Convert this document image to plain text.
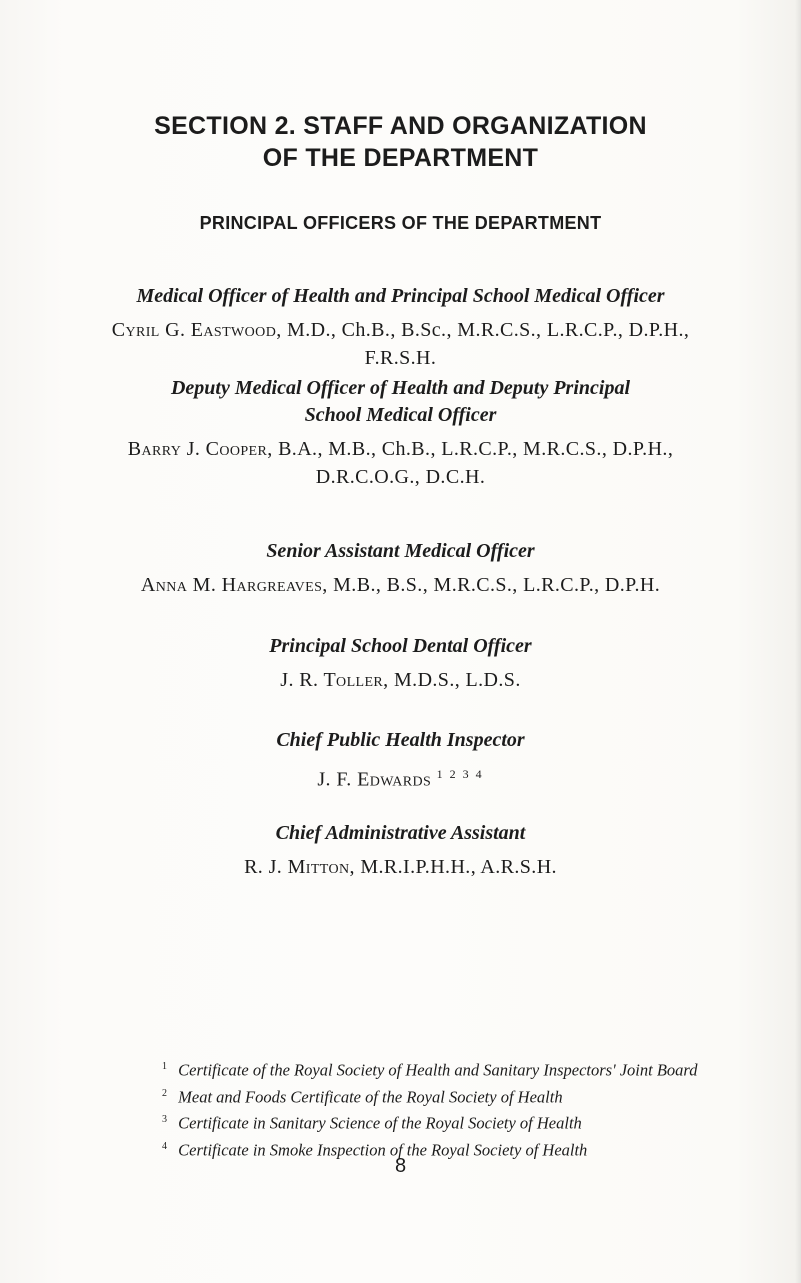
SECTION 2. STAFF AND ORGANIZATION
OF THE DEPARTMENT
PRINCIPAL OFFICERS OF THE DEPARTMENT

Medical Officer of Health and Principal School Medical Officer

Cyril G. Eastwood, M.D., Ch.B., B.Sc., M.R.C.S., L.R.C.P., D.P.H.,

F.R.S.H.

Deputy Medical Officer of Health and Deputy Principal

School Medical Officer

Barry J. Cooper, B.A., M.B., Ch.B., L.R.C.P., M.R.C.S., D.P.H.,

D.R.C.O.G., D.C.H.

Senior Assistant Medical Officer

Anna M. Hargreaves, M.B., B.S., M.R.C.S., L.R.C.P., D.P.H.

Principal School Dental Officer

J. R. Toller, M.D.S., L.D.S.

Chief Public Health Inspector

J. F. Edwards $^{1 2 3 4}$

Chief Administrative Assistant

R. J. Mitton, M.R.I.P.H.H., A.R.S.H.

1 Certificate of the Royal Society of Health and Sanitary Inspectors' Joint Board
2 Meat and Foods Certificate of the Royal Society of Health
3 Certificate in Sanitary Science of the Royal Society of Health
4 Certificate in Smoke Inspection of the Royal Society of Health
8
